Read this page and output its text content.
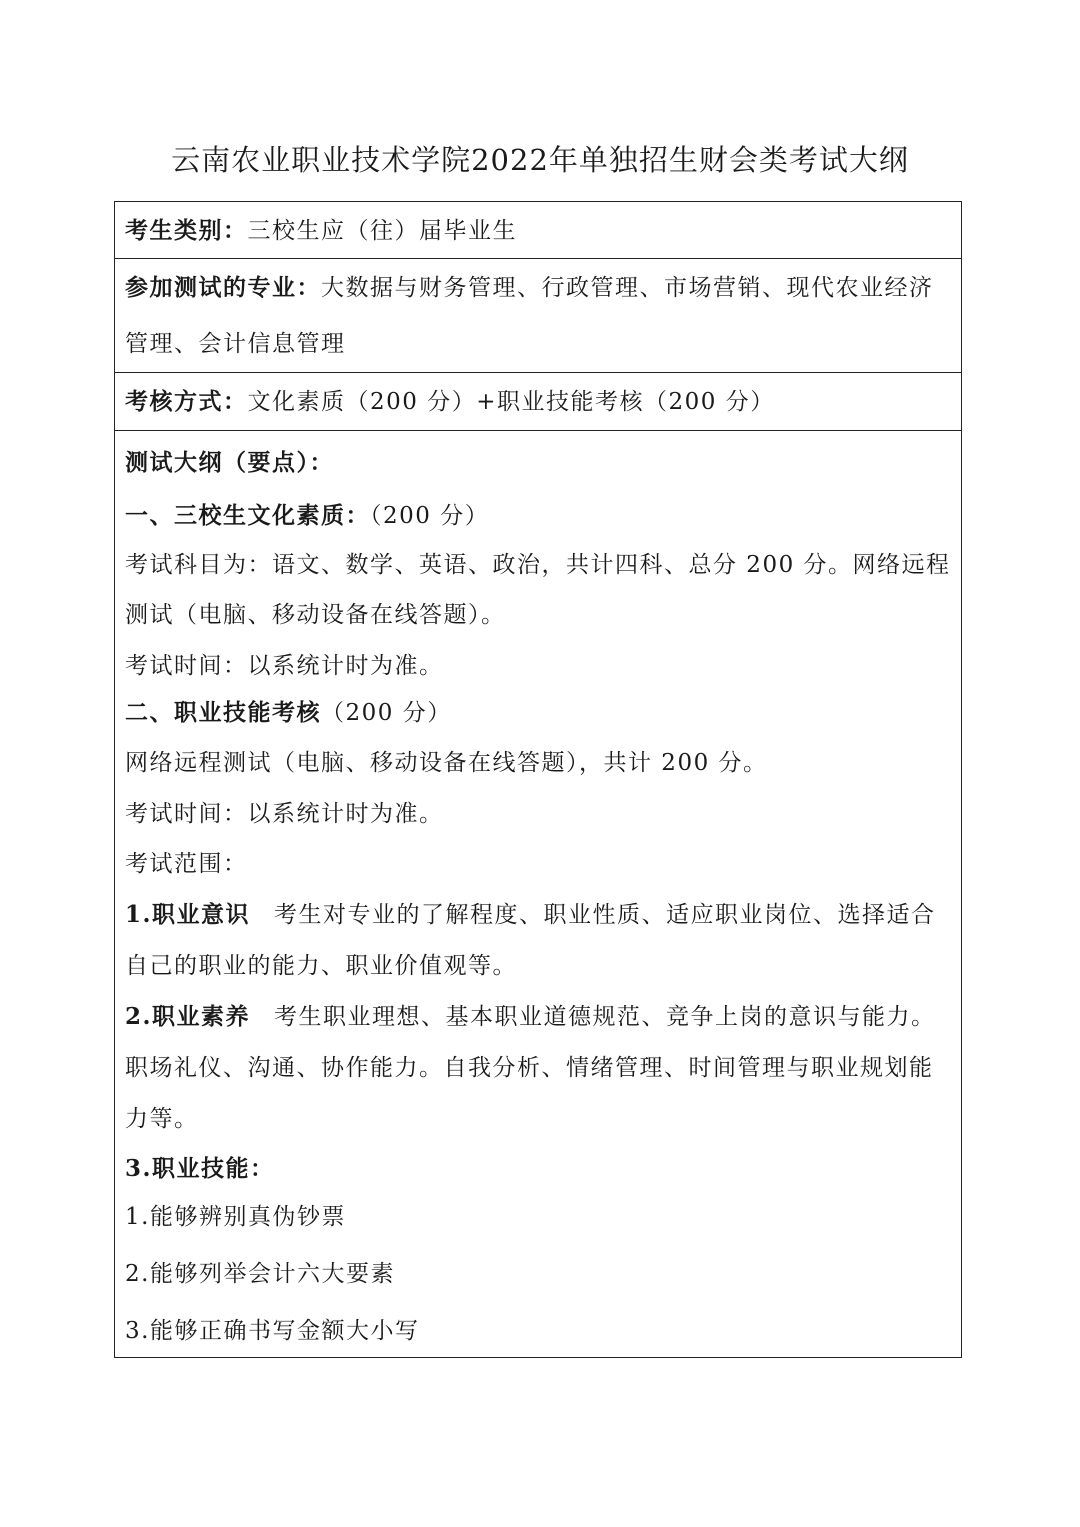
云南农业职业技术学院2022年单独招生财会类考试大纲
考生类别：三校生应（往）届毕业生
参加测试的专业：大数据与财务管理、行政管理、市场营销、现代农业经济
管理、会计信息管理
考核方式：文化素质（200 分）+职业技能考核（200 分）
测试大纲（要点）：
一、三校生文化素质：（200 分）
考试科目为：语文、数学、英语、政治，共计四科、总分 200 分。网络远程
测试（电脑、移动设备在线答题）。
考试时间：以系统计时为准。
二、职业技能考核（200 分）
网络远程测试（电脑、移动设备在线答题），共计 200 分。
考试时间：以系统计时为准。
考试范围：
1.职业意识 考生对专业的了解程度、职业性质、适应职业岗位、选择适合
自己的职业的能力、职业价值观等。
2.职业素养 考生职业理想、基本职业道德规范、竞争上岗的意识与能力。
职场礼仪、沟通、协作能力。自我分析、情绪管理、时间管理与职业规划能
力等。
3.职业技能：
1.能够辨别真伪钞票
2.能够列举会计六大要素
3.能够正确书写金额大小写
